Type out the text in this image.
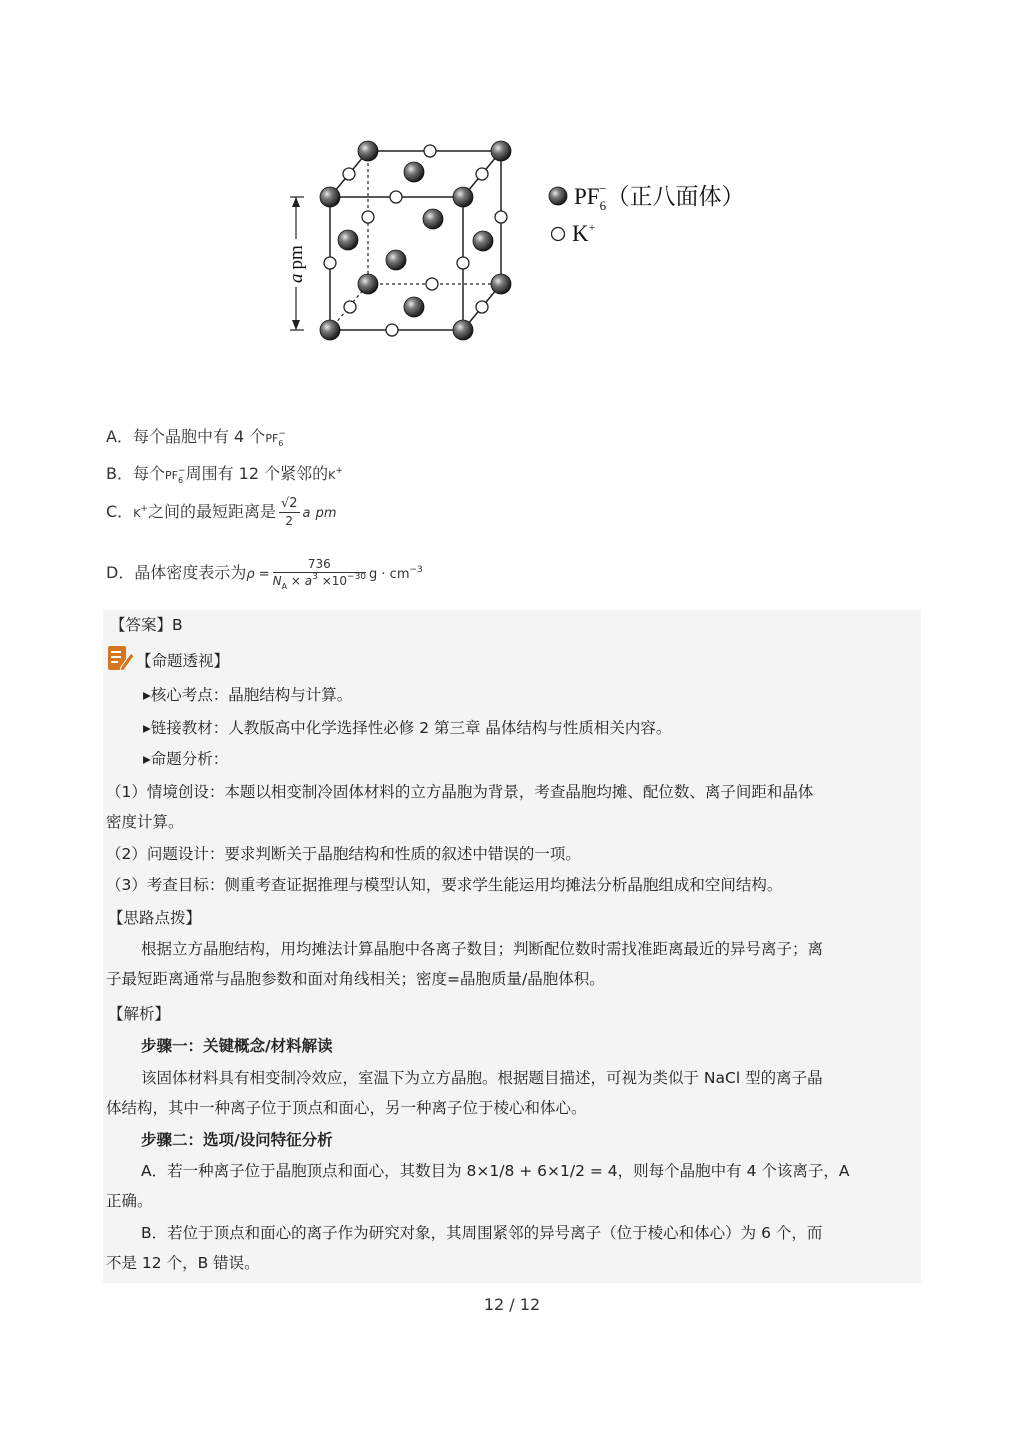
apm
$PF_6-$（正八面体）
K+
A．每个晶胞中有 4 个$PF_6^-$
B．每个$PF_6^-$周围有 12 个紧邻的K+
C．K+之间的最短距离是 $\frac{√2}{2}$ a pm
D．晶体密度表示为$\rho = \frac{736}{N_A \times a^3 \times 10^{-30}}$ $g \cdot cm^{-3}$
【答案】B
【命题透视】
▸核心考点：晶胞结构与计算。
▸链接教材：人教版高中化学选择性必修 2 第三章 晶体结构与性质相关内容。
▸命题分析：
（1）情境创设：本题以相变制冷固体材料的立方晶胞为背景，考查晶胞均摊、配位数、离子间距和晶体
密度计算。
（2）问题设计：要求判断关于晶胞结构和性质的叙述中错误的一项。
（3）考查目标：侧重考查证据推理与模型认知，要求学生能运用均摊法分析晶胞组成和空间结构。
【思路点拨】
根据立方晶胞结构，用均摊法计算晶胞中各离子数目；判断配位数时需找准距离最近的异号离子；离
子最短距离通常与晶胞参数和面对角线相关；密度=晶胞质量/晶胞体积。
【解析】
步骤一：关键概念/材料解读
该固体材料具有相变制冷效应，室温下为立方晶胞。根据题目描述，可视为类似于 NaCl 型的离子晶
体结构，其中一种离子位于顶点和面心，另一种离子位于棱心和体心。
步骤二：选项/设问特征分析
A．若一种离子位于晶胞顶点和面心，其数目为 8×1/8 + 6×1/2 = 4，则每个晶胞中有 4 个该离子，A
正确。
B．若位于顶点和面心的离子作为研究对象，其周围紧邻的异号离子（位于棱心和体心）为 6 个，而
不是 12 个，B 错误。
12 / 12
